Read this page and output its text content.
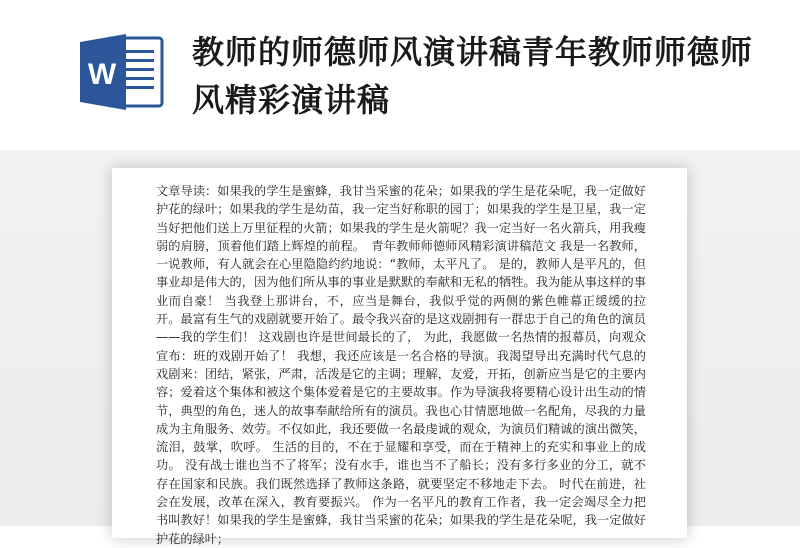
W
教师的师德师风演讲稿青年教师师德师风精彩演讲稿
文章导读：如果我的学生是蜜蜂，我甘当采蜜的花朵；如果我的学生是花朵呢，我一定做好护花的绿叶；如果我的学生是幼苗，我一定当好称职的园丁；如果我的学生是卫星，我一定当好把他们送上万里征程的火箭；如果我的学生是火箭呢？我一定当好一名火箭兵，用我瘦弱的肩膀，顶着他们踏上辉煌的前程。　青年教师师德师风精彩演讲稿范文 我是一名教师，一说教师，有人就会在心里隐隐约约地说：“教师，太平凡了。 是的，教师人是平凡的，但事业却是伟大的，因为他们所从事的事业是默默的奉献和无私的牺牲。我为能从事这样的事业而自豪！ 当我登上那讲台，不，应当是舞台，我似乎觉的两侧的紫色帷幕正缓缓的拉开。最富有生气的戏剧就要开始了。最令我兴奋的是这戏剧拥有一群忠于自己的角色的演员——我的学生们！ 这戏剧也许是世间最长的了， 为此，我愿做一名热情的报幕员，向观众宣布：班的戏剧开始了！ 我想，我还应该是一名合格的导演。我渴望导出充满时代气息的戏剧来：团结，紧张，严肃，活泼是它的主调；理解，友爱，开拓，创新应当是它的主要内容；爱着这个集体和被这个集体爱着是它的主要故事。作为导演我将要精心设计出生动的情节，典型的角色，迷人的故事奉献给所有的演员。我也心甘情愿地做一名配角，尽我的力量成为主角服务、效劳。不仅如此，我还要做一名最虔诚的观众，为演员们精诚的演出微笑，流泪，鼓掌，吹呼。 生活的目的，不在于显耀和享受，而在于精神上的充实和事业上的成功。 没有战士谁也当不了将军；没有水手，谁也当不了船长；没有多行多业的分工，就不存在国家和民族。我们既然选择了教师这条路，就要坚定不移地走下去。 时代在前进，社会在发展，改革在深入，教育要振兴。 作为一名平凡的教育工作者，我一定会竭尽全力把书叫教好！如果我的学生是蜜蜂，我甘当采蜜的花朵；如果我的学生是花朵呢，我一定做好护花的绿叶；
